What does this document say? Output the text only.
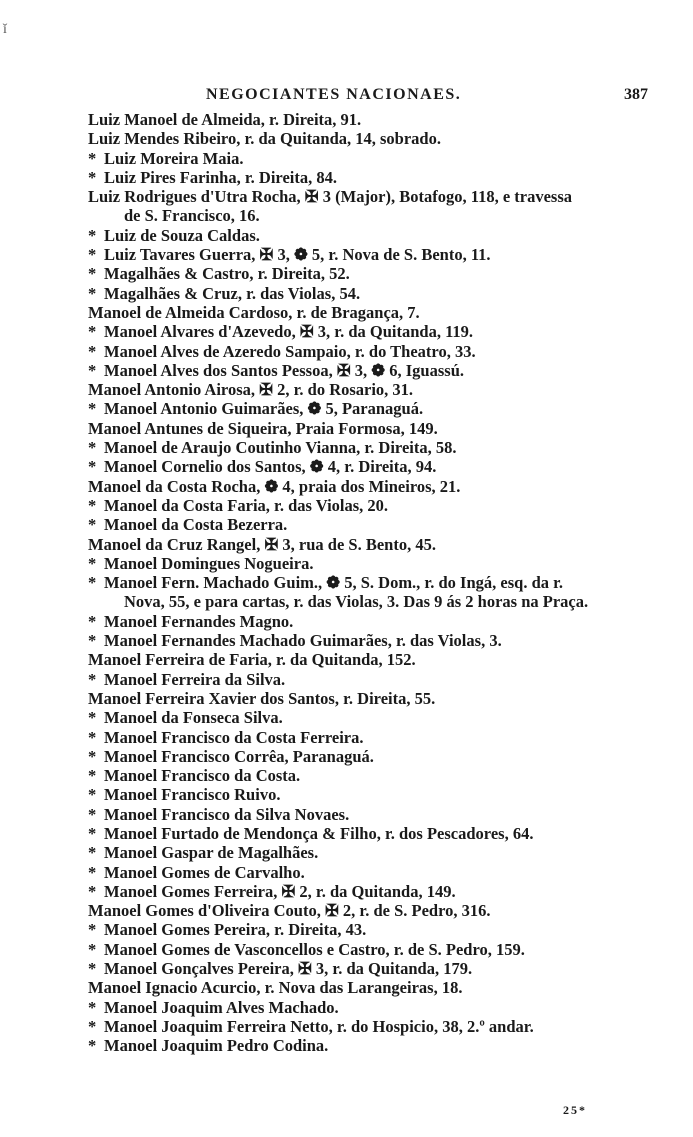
ǐ
NEGOCIANTES NACIONAES.	387
Luiz Manoel de Almeida, r. Direita, 91.
Luiz Mendes Ribeiro, r. da Quitanda, 14, sobrado.
* Luiz Moreira Maia.
* Luiz Pires Farinha, r. Direita, 84.
Luiz Rodrigues d'Utra Rocha, ✠ 3 (Major), Botafogo, 118, e travessa
de S. Francisco, 16.
* Luiz de Souza Caldas.
* Luiz Tavares Guerra, ✠ 3, ❁ 5, r. Nova de S. Bento, 11.
* Magalhães & Castro, r. Direita, 52.
* Magalhães & Cruz, r. das Violas, 54.
Manoel de Almeida Cardoso, r. de Bragança, 7.
* Manoel Alvares d'Azevedo, ✠ 3, r. da Quitanda, 119.
* Manoel Alves de Azeredo Sampaio, r. do Theatro, 33.
* Manoel Alves dos Santos Pessoa, ✠ 3, ❁ 6, Iguassú.
Manoel Antonio Airosa, ✠ 2, r. do Rosario, 31.
* Manoel Antonio Guimarães, ❁ 5, Paranaguá.
Manoel Antunes de Siqueira, Praia Formosa, 149.
* Manoel de Araujo Coutinho Vianna, r. Direita, 58.
* Manoel Cornelio dos Santos, ❁ 4, r. Direita, 94.
Manoel da Costa Rocha, ❁ 4, praia dos Mineiros, 21.
* Manoel da Costa Faria, r. das Violas, 20.
* Manoel da Costa Bezerra.
Manoel da Cruz Rangel, ✠ 3, rua de S. Bento, 45.
* Manoel Domingues Nogueira.
* Manoel Fern. Machado Guim., ❁ 5, S. Dom., r. do Ingá, esq. da r.
Nova, 55, e para cartas, r. das Violas, 3. Das 9 ás 2 horas na Praça.
* Manoel Fernandes Magno.
* Manoel Fernandes Machado Guimarães, r. das Violas, 3.
Manoel Ferreira de Faria, r. da Quitanda, 152.
* Manoel Ferreira da Silva.
Manoel Ferreira Xavier dos Santos, r. Direita, 55.
* Manoel da Fonseca Silva.
* Manoel Francisco da Costa Ferreira.
* Manoel Francisco Corrêa, Paranaguá.
* Manoel Francisco da Costa.
* Manoel Francisco Ruivo.
* Manoel Francisco da Silva Novaes.
* Manoel Furtado de Mendonça & Filho, r. dos Pescadores, 64.
* Manoel Gaspar de Magalhães.
* Manoel Gomes de Carvalho.
* Manoel Gomes Ferreira, ✠ 2, r. da Quitanda, 149.
Manoel Gomes d'Oliveira Couto, ✠ 2, r. de S. Pedro, 316.
* Manoel Gomes Pereira, r. Direita, 43.
* Manoel Gomes de Vasconcellos e Castro, r. de S. Pedro, 159.
* Manoel Gonçalves Pereira, ✠ 3, r. da Quitanda, 179.
Manoel Ignacio Acurcio, r. Nova das Larangeiras, 18.
* Manoel Joaquim Alves Machado.
* Manoel Joaquim Ferreira Netto, r. do Hospicio, 38, 2.º andar.
* Manoel Joaquim Pedro Codina.
25*
